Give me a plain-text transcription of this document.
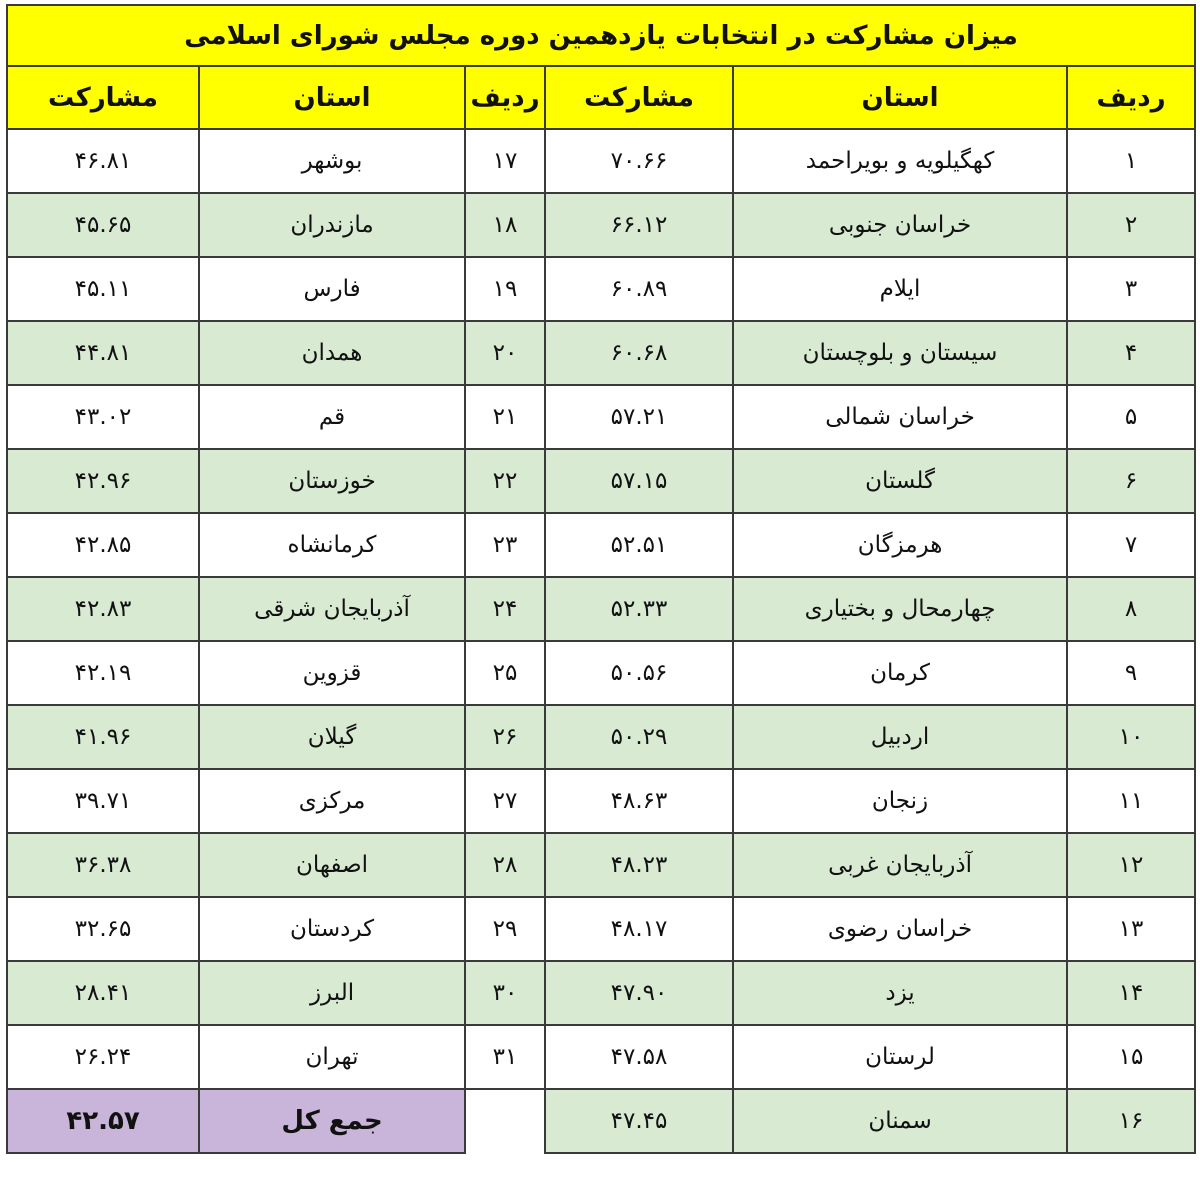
میزان مشارکت در انتخابات یازدهمین دوره مجلس شورای اسلامی					
ردیف	استان	مشارکت	ردیف	استان	مشارکت
۱	کهگیلویه و بویراحمد	۷۰.۶۶	۱۷	بوشهر	۴۶.۸۱
۲	خراسان جنوبی	۶۶.۱۲	۱۸	مازندران	۴۵.۶۵
۳	ایلام	۶۰.۸۹	۱۹	فارس	۴۵.۱۱
۴	سیستان و بلوچستان	۶۰.۶۸	۲۰	همدان	۴۴.۸۱
۵	خراسان شمالی	۵۷.۲۱	۲۱	قم	۴۳.۰۲
۶	گلستان	۵۷.۱۵	۲۲	خوزستان	۴۲.۹۶
۷	هرمزگان	۵۲.۵۱	۲۳	کرمانشاه	۴۲.۸۵
۸	چهارمحال و بختیاری	۵۲.۳۳	۲۴	آذربایجان شرقی	۴۲.۸۳
۹	کرمان	۵۰.۵۶	۲۵	قزوین	۴۲.۱۹
۱۰	اردبیل	۵۰.۲۹	۲۶	گیلان	۴۱.۹۶
۱۱	زنجان	۴۸.۶۳	۲۷	مرکزی	۳۹.۷۱
۱۲	آذربایجان غربی	۴۸.۲۳	۲۸	اصفهان	۳۶.۳۸
۱۳	خراسان رضوی	۴۸.۱۷	۲۹	کردستان	۳۲.۶۵
۱۴	یزد	۴۷.۹۰	۳۰	البرز	۲۸.۴۱
۱۵	لرستان	۴۷.۵۸	۳۱	تهران	۲۶.۲۴
۱۶	سمنان	۴۷.۴۵		جمع کل	۴۲.۵۷
